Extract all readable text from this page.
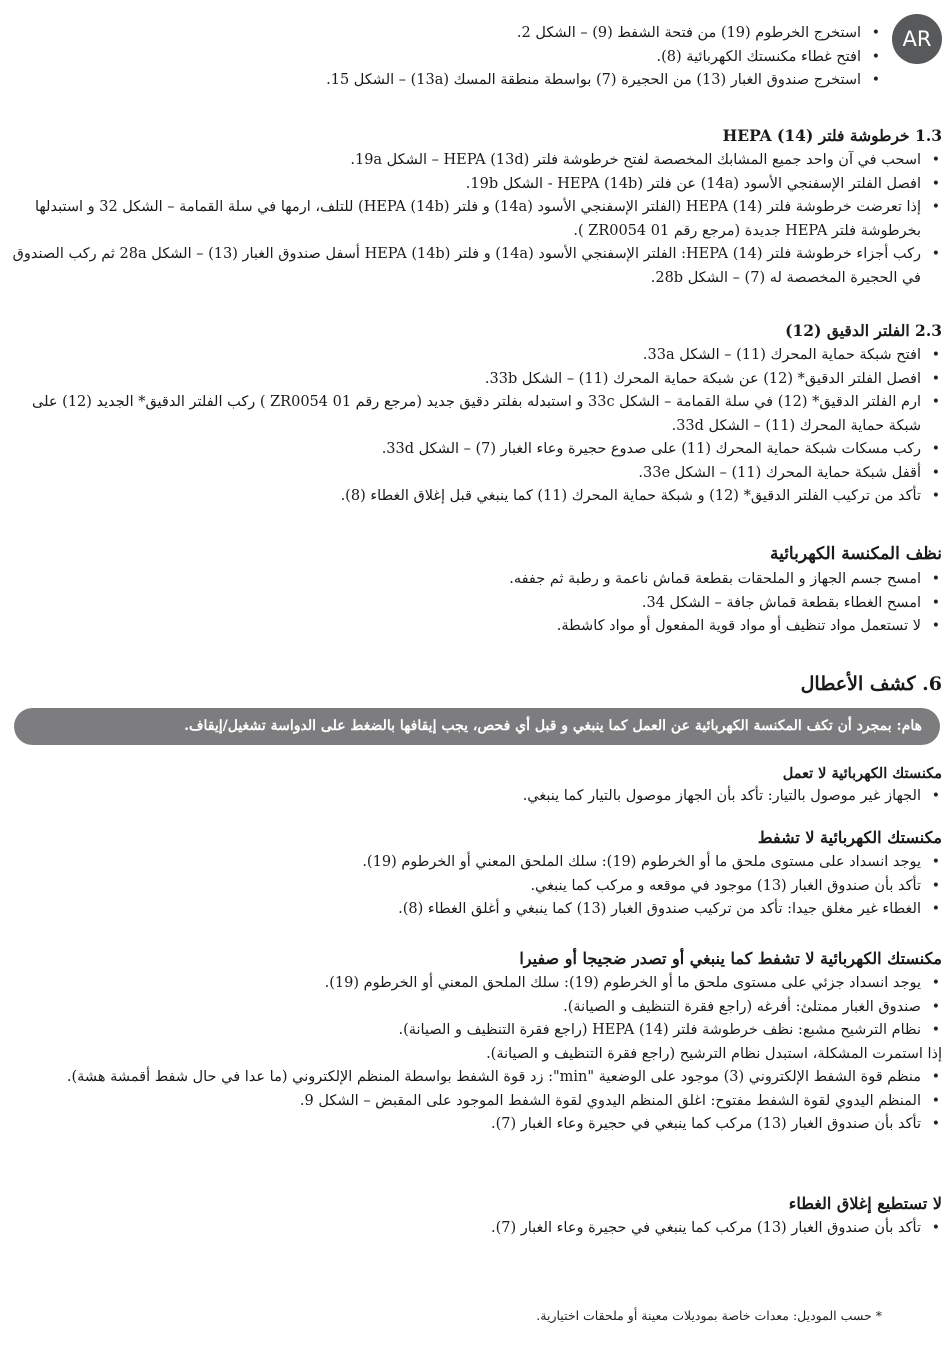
AR
• استخرج الخرطوم (19) من فتحة الشفط (9) – الشكل 2.
• افتح غطاء مكنستك الكهربائية (8).
• استخرج صندوق الغبار (13) من الحجيرة (7) بواسطة منطقة المسك (13a) – الشكل 15.
1.3 خرطوشة فلتر HEPA (14)
• اسحب في آن واحد جميع المشابك المخصصة لفتح خرطوشة فلتر HEPA (13d) – الشكل 19a.
• افصل الفلتر الإسفنجي الأسود (14a) عن فلتر HEPA (14b) - الشكل 19b.
• إذا تعرضت خرطوشة فلتر HEPA (14) (الفلتر الإسفنجي الأسود (14a) و فلتر HEPA (14b)) للتلف، ارمها في سلة القمامة – الشكل 32 و استبدلها بخرطوشة فلتر HEPA جديدة (مرجع رقم ZR0054 01 ).
• ركب أجزاء خرطوشة فلتر HEPA (14): الفلتر الإسفنجي الأسود (14a) و فلتر HEPA (14b) أسفل صندوق الغبار (13) – الشكل 28a ثم ركب الصندوق في الحجيرة المخصصة له (7) – الشكل 28b.
2.3 الفلتر الدقيق (12)
• افتح شبكة حماية المحرك (11) – الشكل 33a.
• افصل الفلتر الدقيق* (12) عن شبكة حماية المحرك (11) – الشكل 33b.
• ارم الفلتر الدقيق* (12) في سلة القمامة – الشكل 33c و استبدله بفلتر دقيق جديد (مرجع رقم ZR0054 01 ) ركب الفلتر الدقيق* الجديد (12) على شبكة حماية المحرك (11) – الشكل 33d.
• ركب مسكات شبكة حماية المحرك (11) على صدوع حجيرة وعاء الغبار (7) – الشكل 33d.
• أقفل شبكة حماية المحرك (11) – الشكل 33e.
• تأكد من تركيب الفلتر الدقيق* (12) و شبكة حماية المحرك (11) كما ينبغي قبل إغلاق الغطاء (8).
نظف المكنسة الكهربائية
• امسح جسم الجهاز و الملحقات بقطعة قماش ناعمة و رطبة ثم جففه.
• امسح الغطاء بقطعة قماش جافة – الشكل 34.
• لا تستعمل مواد تنظيف أو مواد قوية المفعول أو مواد كاشطة.
6. كشف الأعطال
هام: بمجرد أن تكف المكنسة الكهربائية عن العمل كما ينبغي و قبل أي فحص، يجب إيقافها بالضغط على الدواسة تشغيل/إيقاف.
مكنستك الكهربائية لا تعمل
• الجهاز غير موصول بالتيار: تأكد بأن الجهاز موصول بالتيار كما ينبغي.
مكنستك الكهربائية لا تشفط
• يوجد انسداد على مستوى ملحق ما أو الخرطوم (19): سلك الملحق المعني أو الخرطوم (19).
• تأكد بأن صندوق الغبار (13) موجود في موقعه و مركب كما ينبغي.
• الغطاء غير مغلق جيدا: تأكد من تركيب صندوق الغبار (13) كما ينبغي و أغلق الغطاء (8).
مكنستك الكهربائية لا تشفط كما ينبغي أو تصدر ضجيجا أو صفيرا
• يوجد انسداد جزئي على مستوى ملحق ما أو الخرطوم (19): سلك الملحق المعني أو الخرطوم (19).
• صندوق الغبار ممتلئ: أفرغه (راجع فقرة التنظيف و الصيانة).
• نظام الترشيح مشبع: نظف خرطوشة فلتر HEPA (14) (راجع فقرة التنظيف و الصيانة).

إذا استمرت المشكلة، استبدل نظام الترشيح (راجع فقرة التنظيف و الصيانة).

• منظم قوة الشفط الإلكتروني (3) موجود على الوضعية "min": زد قوة الشفط بواسطة المنظم الإلكتروني (ما عدا في حال شفط أقمشة هشة).
• المنظم اليدوي لقوة الشفط مفتوح: اغلق المنظم اليدوي لقوة الشفط الموجود على المقبض – الشكل 9.
• تأكد بأن صندوق الغبار (13) مركب كما ينبغي في حجيرة وعاء الغبار (7).
لا تستطيع إغلاق الغطاء
• تأكد بأن صندوق الغبار (13) مركب كما ينبغي في حجيرة وعاء الغبار (7).
* حسب الموديل: معدات خاصة بموديلات معينة أو ملحقات اختيارية.
